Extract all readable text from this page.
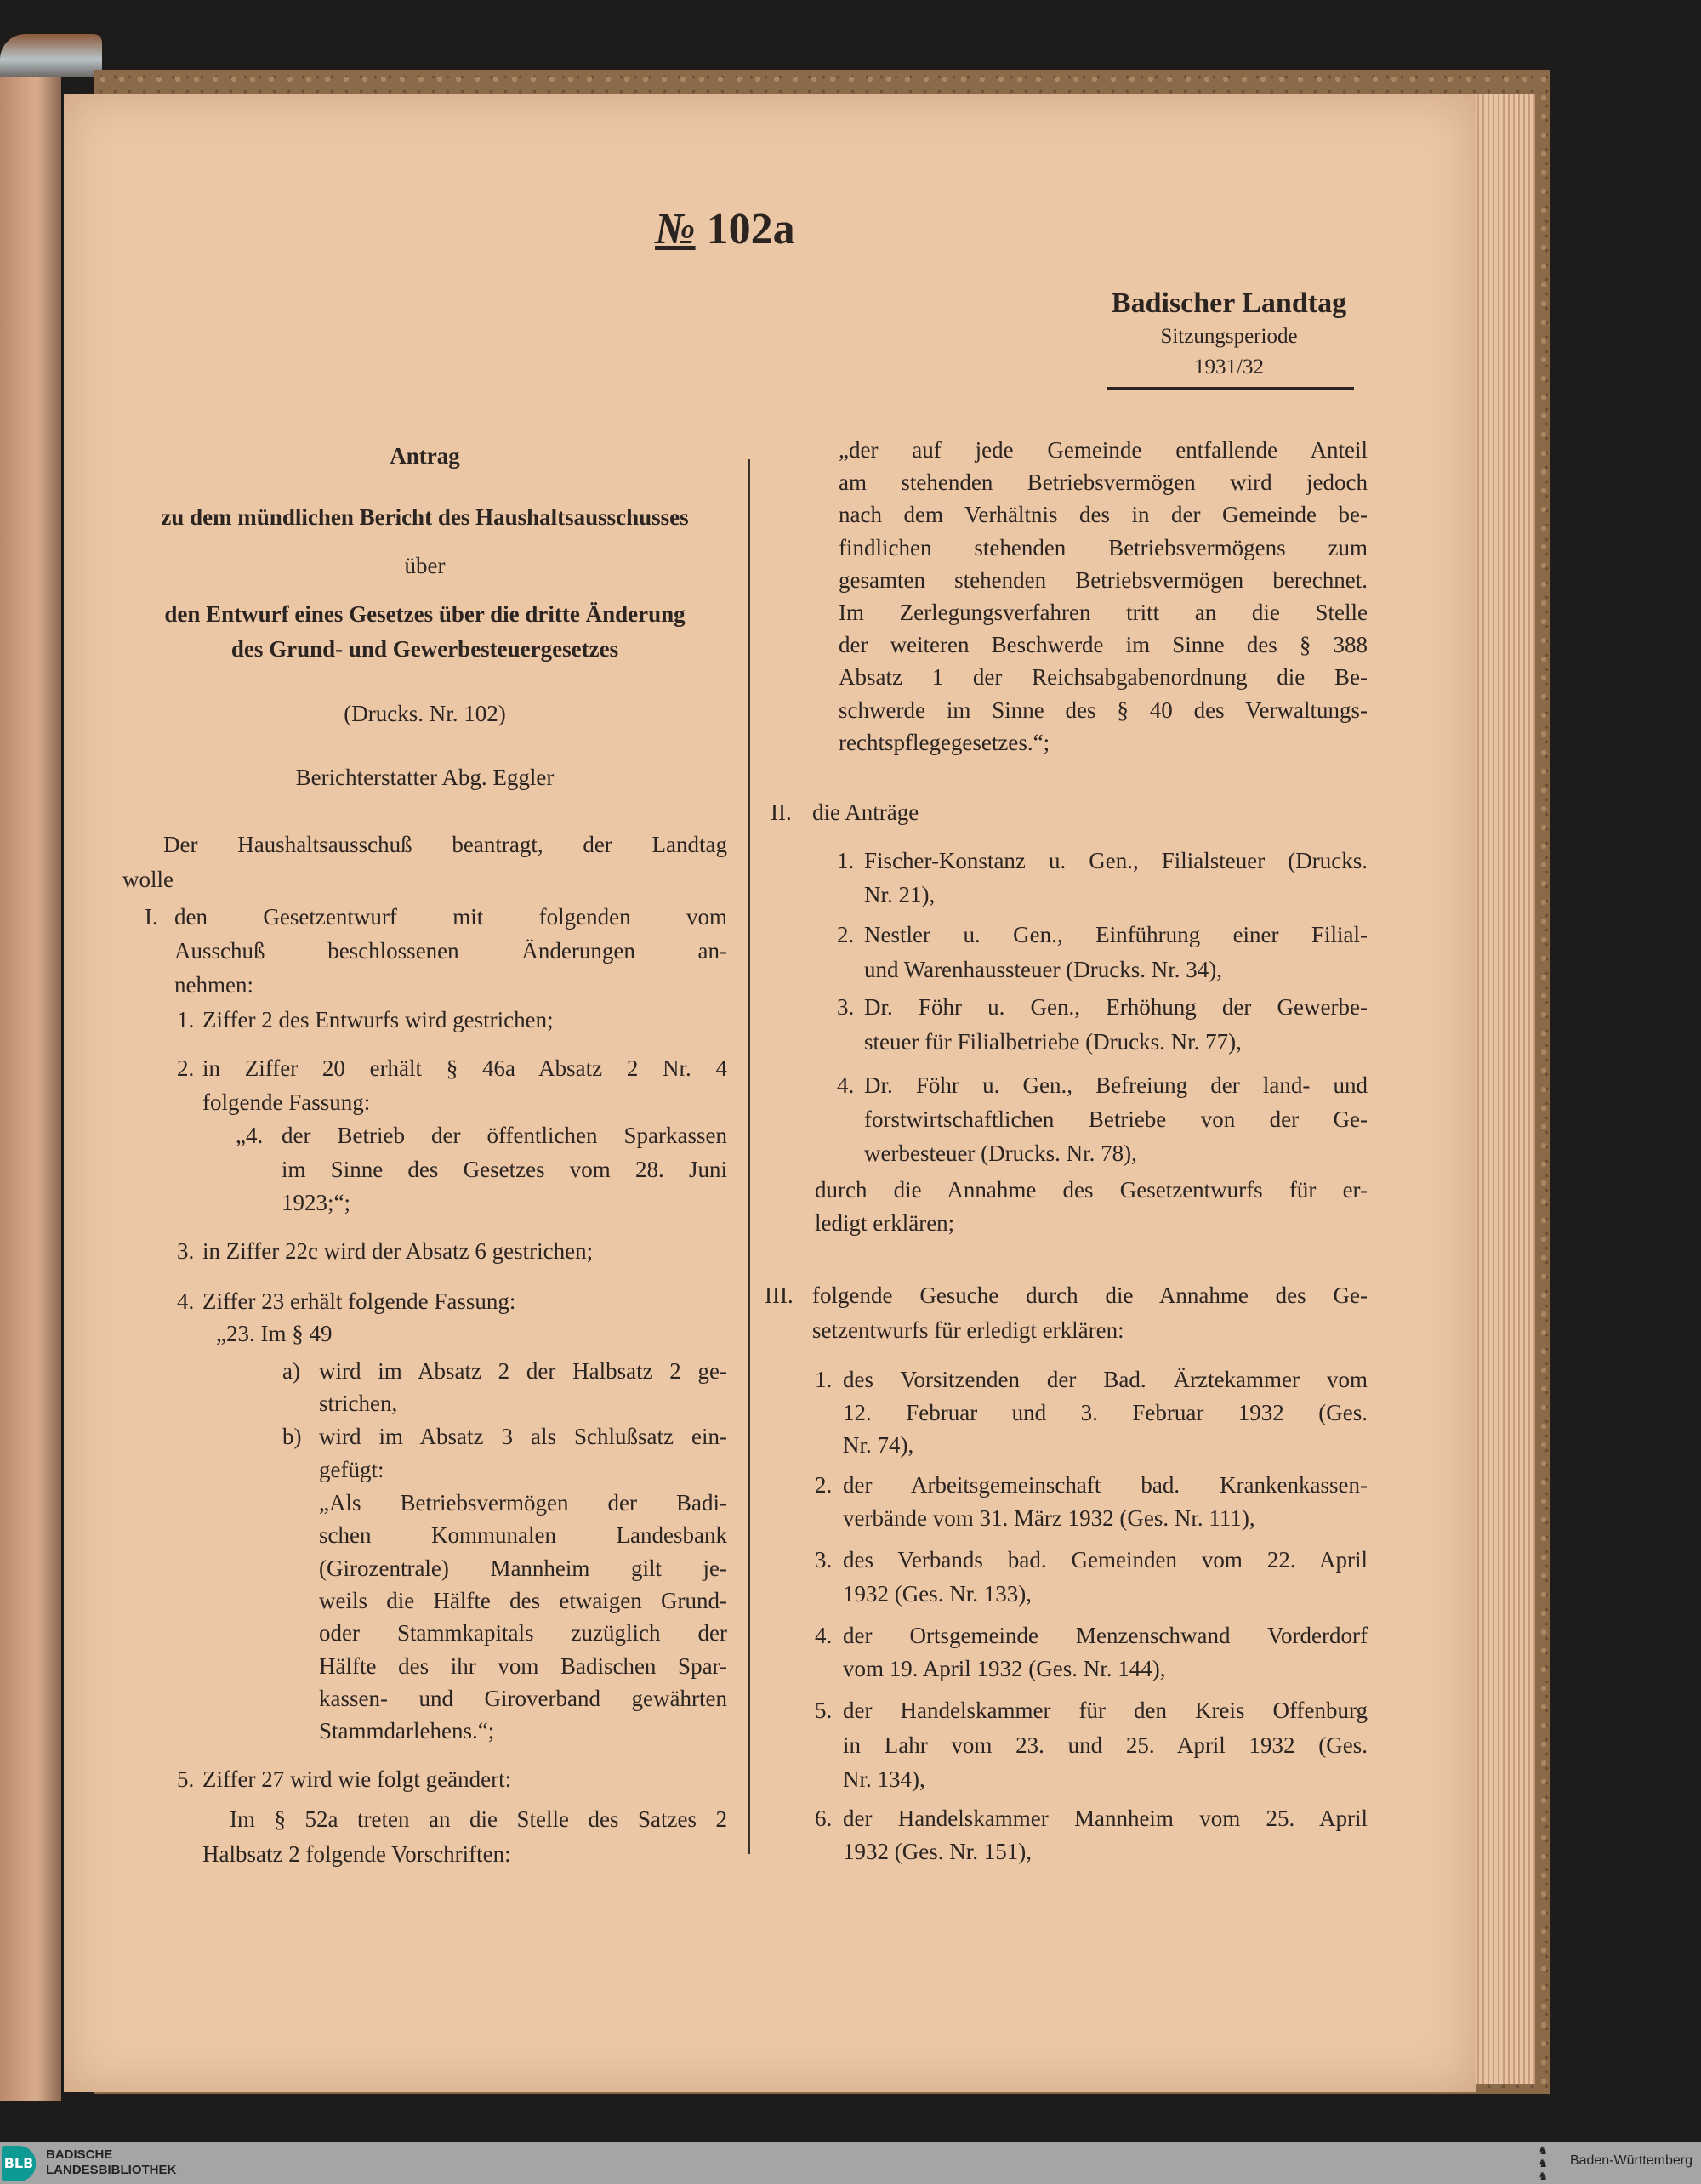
№ 102a
Badischer Landtag
Sitzungsperiode
1931/32
Antrag
zu dem mündlichen Bericht des Haushaltsausschusses
über
den Entwurf eines Gesetzes über die dritte Änderung
des Grund- und Gewerbesteuergesetzes
(Drucks. Nr. 102)
Berichterstatter Abg. Eggler
Der Haushaltsausschuß beantragt, der Landtag
wolle
I. den Gesetzentwurf mit folgenden vom
Ausschuß beschlossenen Änderungen an-
nehmen:
1. Ziffer 2 des Entwurfs wird gestrichen;
2. in Ziffer 20 erhält § 46a Absatz 2 Nr. 4
folgende Fassung:
„4. der Betrieb der öffentlichen Sparkassen
im Sinne des Gesetzes vom 28. Juni
1923;“;
3. in Ziffer 22c wird der Absatz 6 gestrichen;
4. Ziffer 23 erhält folgende Fassung:
„23. Im § 49
a) wird im Absatz 2 der Halbsatz 2 ge-
strichen,
b) wird im Absatz 3 als Schlußsatz ein-
gefügt:
„Als Betriebsvermögen der Badi-
schen Kommunalen Landesbank
(Girozentrale) Mannheim gilt je-
weils die Hälfte des etwaigen Grund-
oder Stammkapitals zuzüglich der
Hälfte des ihr vom Badischen Spar-
kassen- und Giroverband gewährten
Stammdarlehens.“;
5. Ziffer 27 wird wie folgt geändert:
Im § 52a treten an die Stelle des Satzes 2
Halbsatz 2 folgende Vorschriften:
„der auf jede Gemeinde entfallende Anteil
am stehenden Betriebsvermögen wird jedoch
nach dem Verhältnis des in der Gemeinde be-
findlichen stehenden Betriebsvermögens zum
gesamten stehenden Betriebsvermögen berechnet.
Im Zerlegungsverfahren tritt an die Stelle
der weiteren Beschwerde im Sinne des § 388
Absatz 1 der Reichsabgabenordnung die Be-
schwerde im Sinne des § 40 des Verwaltungs-
rechtspflegegesetzes.“;
II. die Anträge
1. Fischer-Konstanz u. Gen., Filialsteuer (Drucks.
Nr. 21),
2. Nestler u. Gen., Einführung einer Filial-
und Warenhaussteuer (Drucks. Nr. 34),
3. Dr. Föhr u. Gen., Erhöhung der Gewerbe-
steuer für Filialbetriebe (Drucks. Nr. 77),
4. Dr. Föhr u. Gen., Befreiung der land- und
forstwirtschaftlichen Betriebe von der Ge-
werbesteuer (Drucks. Nr. 78),
durch die Annahme des Gesetzentwurfs für er-
ledigt erklären;
III. folgende Gesuche durch die Annahme des Ge-
setzentwurfs für erledigt erklären:
1. des Vorsitzenden der Bad. Ärztekammer vom
12. Februar und 3. Februar 1932 (Ges.
Nr. 74),
2. der Arbeitsgemeinschaft bad. Krankenkassen-
verbände vom 31. März 1932 (Ges. Nr. 111),
3. des Verbands bad. Gemeinden vom 22. April
1932 (Ges. Nr. 133),
4. der Ortsgemeinde Menzenschwand Vorderdorf
vom 19. April 1932 (Ges. Nr. 144),
5. der Handelskammer für den Kreis Offenburg
in Lahr vom 23. und 25. April 1932 (Ges.
Nr. 134),
6. der Handelskammer Mannheim vom 25. April
1932 (Ges. Nr. 151),
BLB
BADISCHE
LANDESBIBLIOTHEK
♞
♞
♞
Baden-Württemberg
